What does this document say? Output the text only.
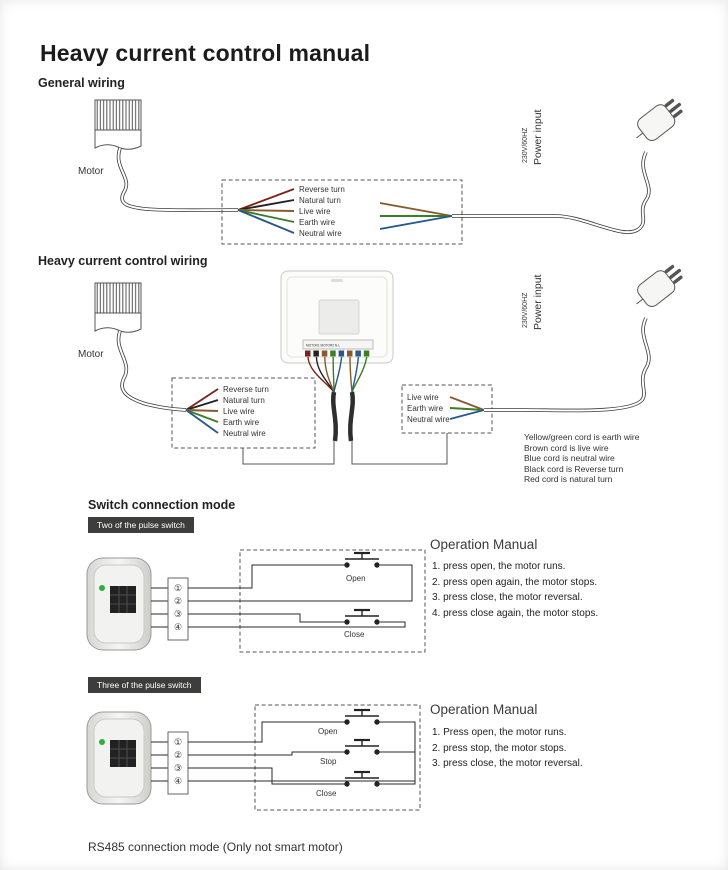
Motor
Reverse turn
Natural turn
Live wire
Earth wire
Neutral wire
230V/60HZ Power input
Motor
MOTOR1 MOTOR2 N L
Reverse turn
Natural turn
Live wire
Earth wire
Neutral wire
Live wire
Earth wire
Neutral wire
230V/60HZ Power input
①
②
③
④
Open
Close
①
②
③
④
Open
Stop
Close
Heavy current control manual
General wiring
Heavy current control wiring
Yellow/green cord is earth wire
Brown cord is live wire
Blue cord is neutral wire
Black cord is Reverse turn
Red cord is natural turn
Switch connection mode
Two of the pulse switch
Operation Manual
1. press open, the motor runs.
2. press open again, the motor stops.
3. press close, the motor reversal.
4. press close again, the motor stops.
Three of the pulse switch
Operation Manual
1. Press open, the motor runs.
2. press stop, the motor stops.
3. press close, the motor reversal.
RS485 connection mode (Only not smart motor)
